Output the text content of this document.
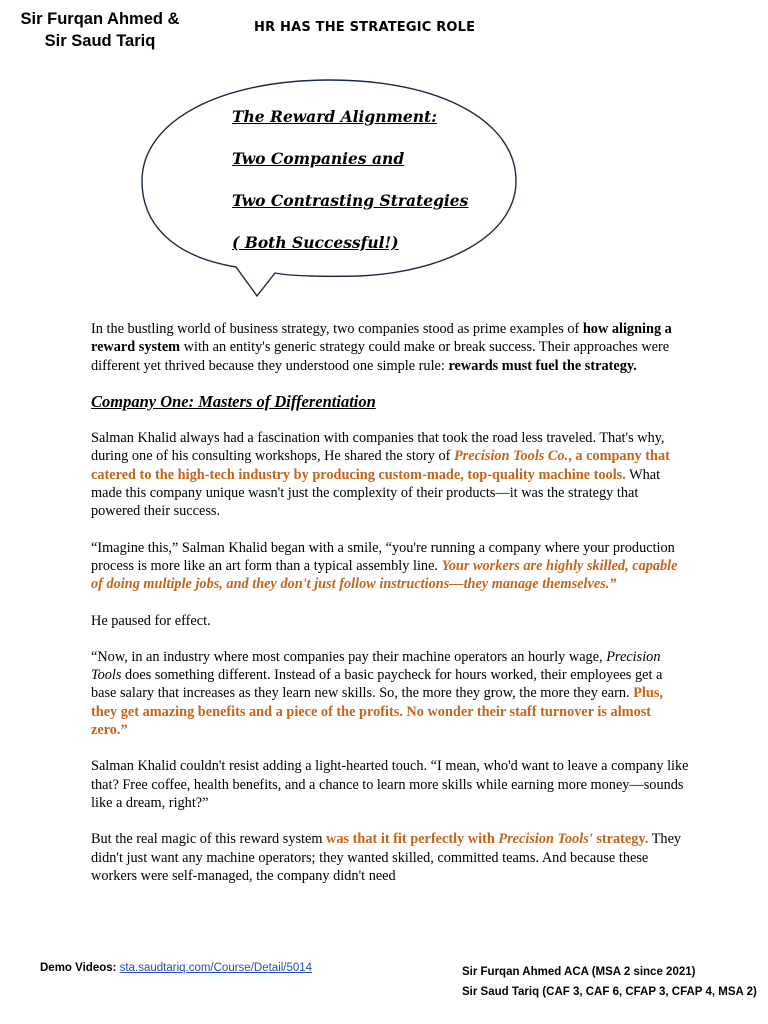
Sir Furqan Ahmed &
Sir Saud Tariq
HR HAS THE STRATEGIC ROLE
The Reward Alignment:
Two Companies and
Two Contrasting Strategies
( Both Successful!)

In the bustling world of business strategy, two companies stood as prime examples of how aligning a reward system with an entity's generic strategy could make or break success. Their approaches were different yet thrived because they understood one simple rule: rewards must fuel the strategy.

Company One: Masters of Differentiation

Salman Khalid always had a fascination with companies that took the road less traveled. That's why, during one of his consulting workshops, He shared the story of Precision Tools Co., a company that catered to the high-tech industry by producing custom-made, top-quality machine tools. What made this company unique wasn't just the complexity of their products—it was the strategy that powered their success.

“Imagine this,” Salman Khalid began with a smile, “you're running a company where your production process is more like an art form than a typical assembly line. Your workers are highly skilled, capable of doing multiple jobs, and they don't just follow instructions—they manage themselves.”

He paused for effect.

“Now, in an industry where most companies pay their machine operators an hourly wage, Precision Tools does something different. Instead of a basic paycheck for hours worked, their employees get a base salary that increases as they learn new skills. So, the more they grow, the more they earn. Plus, they get amazing benefits and a piece of the profits. No wonder their staff turnover is almost zero.”

Salman Khalid couldn't resist adding a light-hearted touch. “I mean, who'd want to leave a company like that? Free coffee, health benefits, and a chance to learn more skills while earning more money—sounds like a dream, right?”

But the real magic of this reward system was that it fit perfectly with Precision Tools' strategy. They didn't just want any machine operators; they wanted skilled, committed teams. And because these workers were self-managed, the company didn't need

Demo Videos: sta.saudtariq.com/Course/Detail/5014	Sir Furqan Ahmed ACA (MSA 2 since 2021)
Sir Saud Tariq (CAF 3, CAF 6, CFAP 3, CFAP 4, MSA 2)
